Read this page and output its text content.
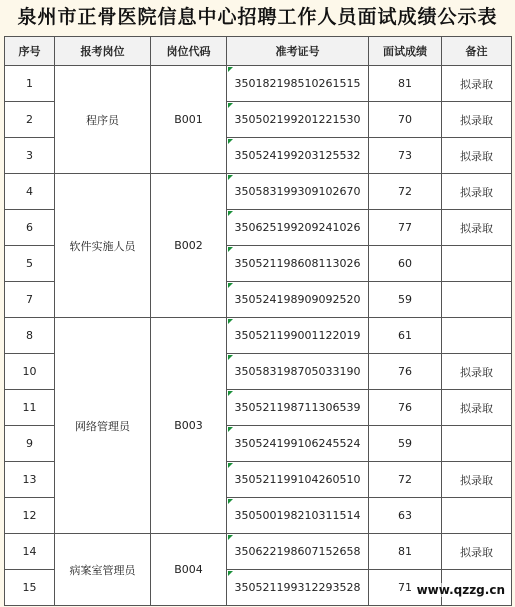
泉州市正骨医院信息中心招聘工作人员面试成绩公示表
序号	报考岗位	岗位代码	准考证号	面试成绩	备注
1	程序员	B001	350182198510261515	81	拟录取
2			350502199201221530	70	拟录取
3			350524199203125532	73	拟录取
4	软件实施人员	B002	350583199309102670	72	拟录取
6			350625199209241026	77	拟录取
5			350521198608113026	60	
7			350524198909092520	59	
8	网络管理员	B003	350521199001122019	61	
10			350583198705033190	76	拟录取
11			350521198711306539	76	拟录取
9			350524199106245524	59	
13			350521199104260510	72	拟录取
12			350500198210311514	63	
14	病案室管理员	B004	350622198607152658	81	拟录取
15			350521199312293528	71	www.qzzg.cn
